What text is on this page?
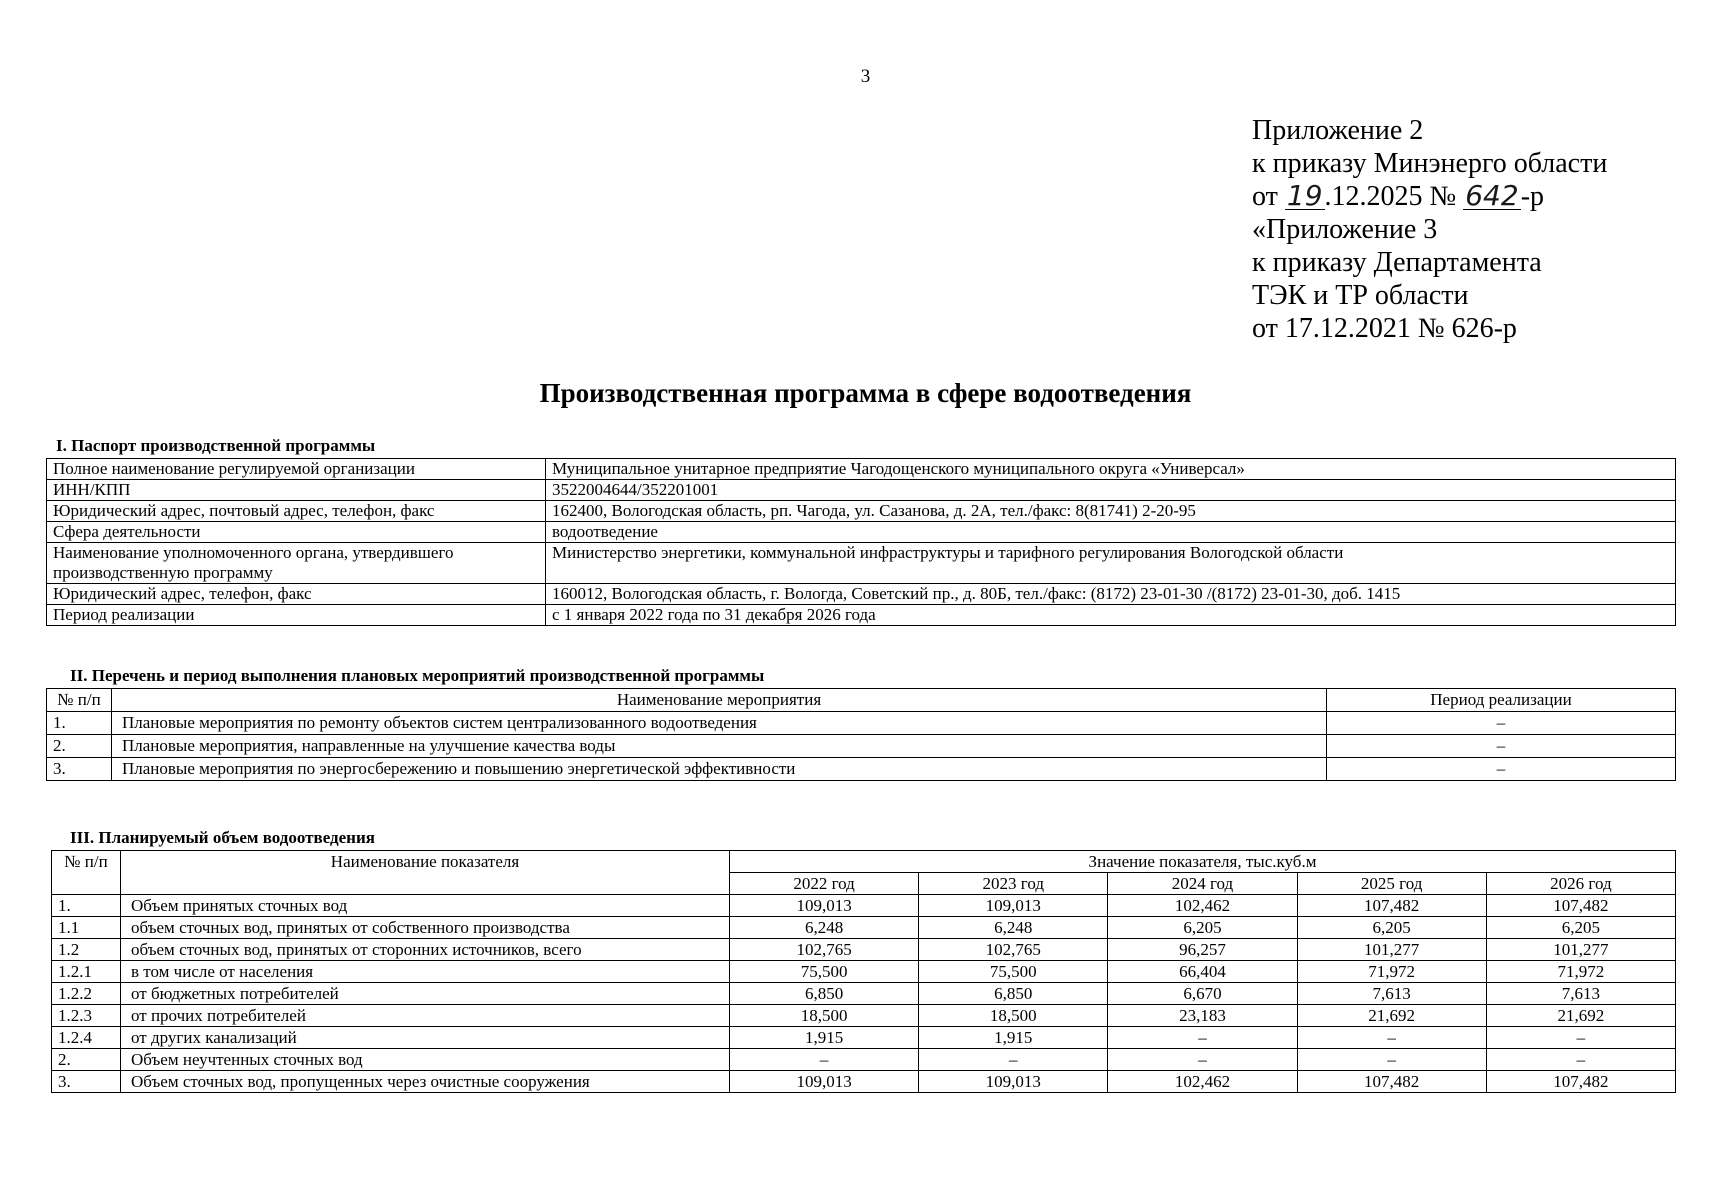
3
Приложение 2
к приказу Минэнерго области
от 19.12.2025 № 642-р
«Приложение 3
к приказу Департамента
ТЭК и ТР области
от 17.12.2021 № 626-р
Производственная программа в сфере водоотведения
I. Паспорт производственной программы
Полное наименование регулируемой организации	Муниципальное унитарное предприятие Чагодощенского муниципального округа «Универсал»
ИНН/КПП	3522004644/352201001
Юридический адрес, почтовый адрес, телефон, факс	162400, Вологодская область, рп. Чагода, ул. Сазанова, д. 2А, тел./факс: 8(81741) 2-20-95
Сфера деятельности	водоотведение
Наименование уполномоченного органа, утвердившего производственную программу	Министерство энергетики, коммунальной инфраструктуры и тарифного регулирования Вологодской области
Юридический адрес, телефон, факс	160012, Вологодская область, г. Вологда, Советский пр., д. 80Б, тел./факс: (8172) 23-01-30 /(8172) 23-01-30, доб. 1415
Период реализации	с 1 января 2022 года по 31 декабря 2026 года
II. Перечень и период выполнения плановых мероприятий производственной программы
№ п/п	Наименование мероприятия	Период реализации
1.	Плановые мероприятия по ремонту объектов систем централизованного водоотведения	–
2.	Плановые мероприятия, направленные на улучшение качества воды	–
3.	Плановые мероприятия по энергосбережению и повышению энергетической эффективности	–
III. Планируемый объем водоотведения
№ п/п	Наименование показателя	Значение показателя, тыс.куб.м				
		2022 год	2023 год	2024 год	2025 год	2026 год
1.	Объем принятых сточных вод	109,013	109,013	102,462	107,482	107,482
1.1	объем сточных вод, принятых от собственного производства	6,248	6,248	6,205	6,205	6,205
1.2	объем сточных вод, принятых от сторонних источников, всего	102,765	102,765	96,257	101,277	101,277
1.2.1	в том числе от населения	75,500	75,500	66,404	71,972	71,972
1.2.2	от бюджетных потребителей	6,850	6,850	6,670	7,613	7,613
1.2.3	от прочих потребителей	18,500	18,500	23,183	21,692	21,692
1.2.4	от других канализаций	1,915	1,915	–	–	–
2.	Объем неучтенных сточных вод	–	–	–	–	–
3.	Объем сточных вод, пропущенных через очистные сооружения	109,013	109,013	102,462	107,482	107,482
